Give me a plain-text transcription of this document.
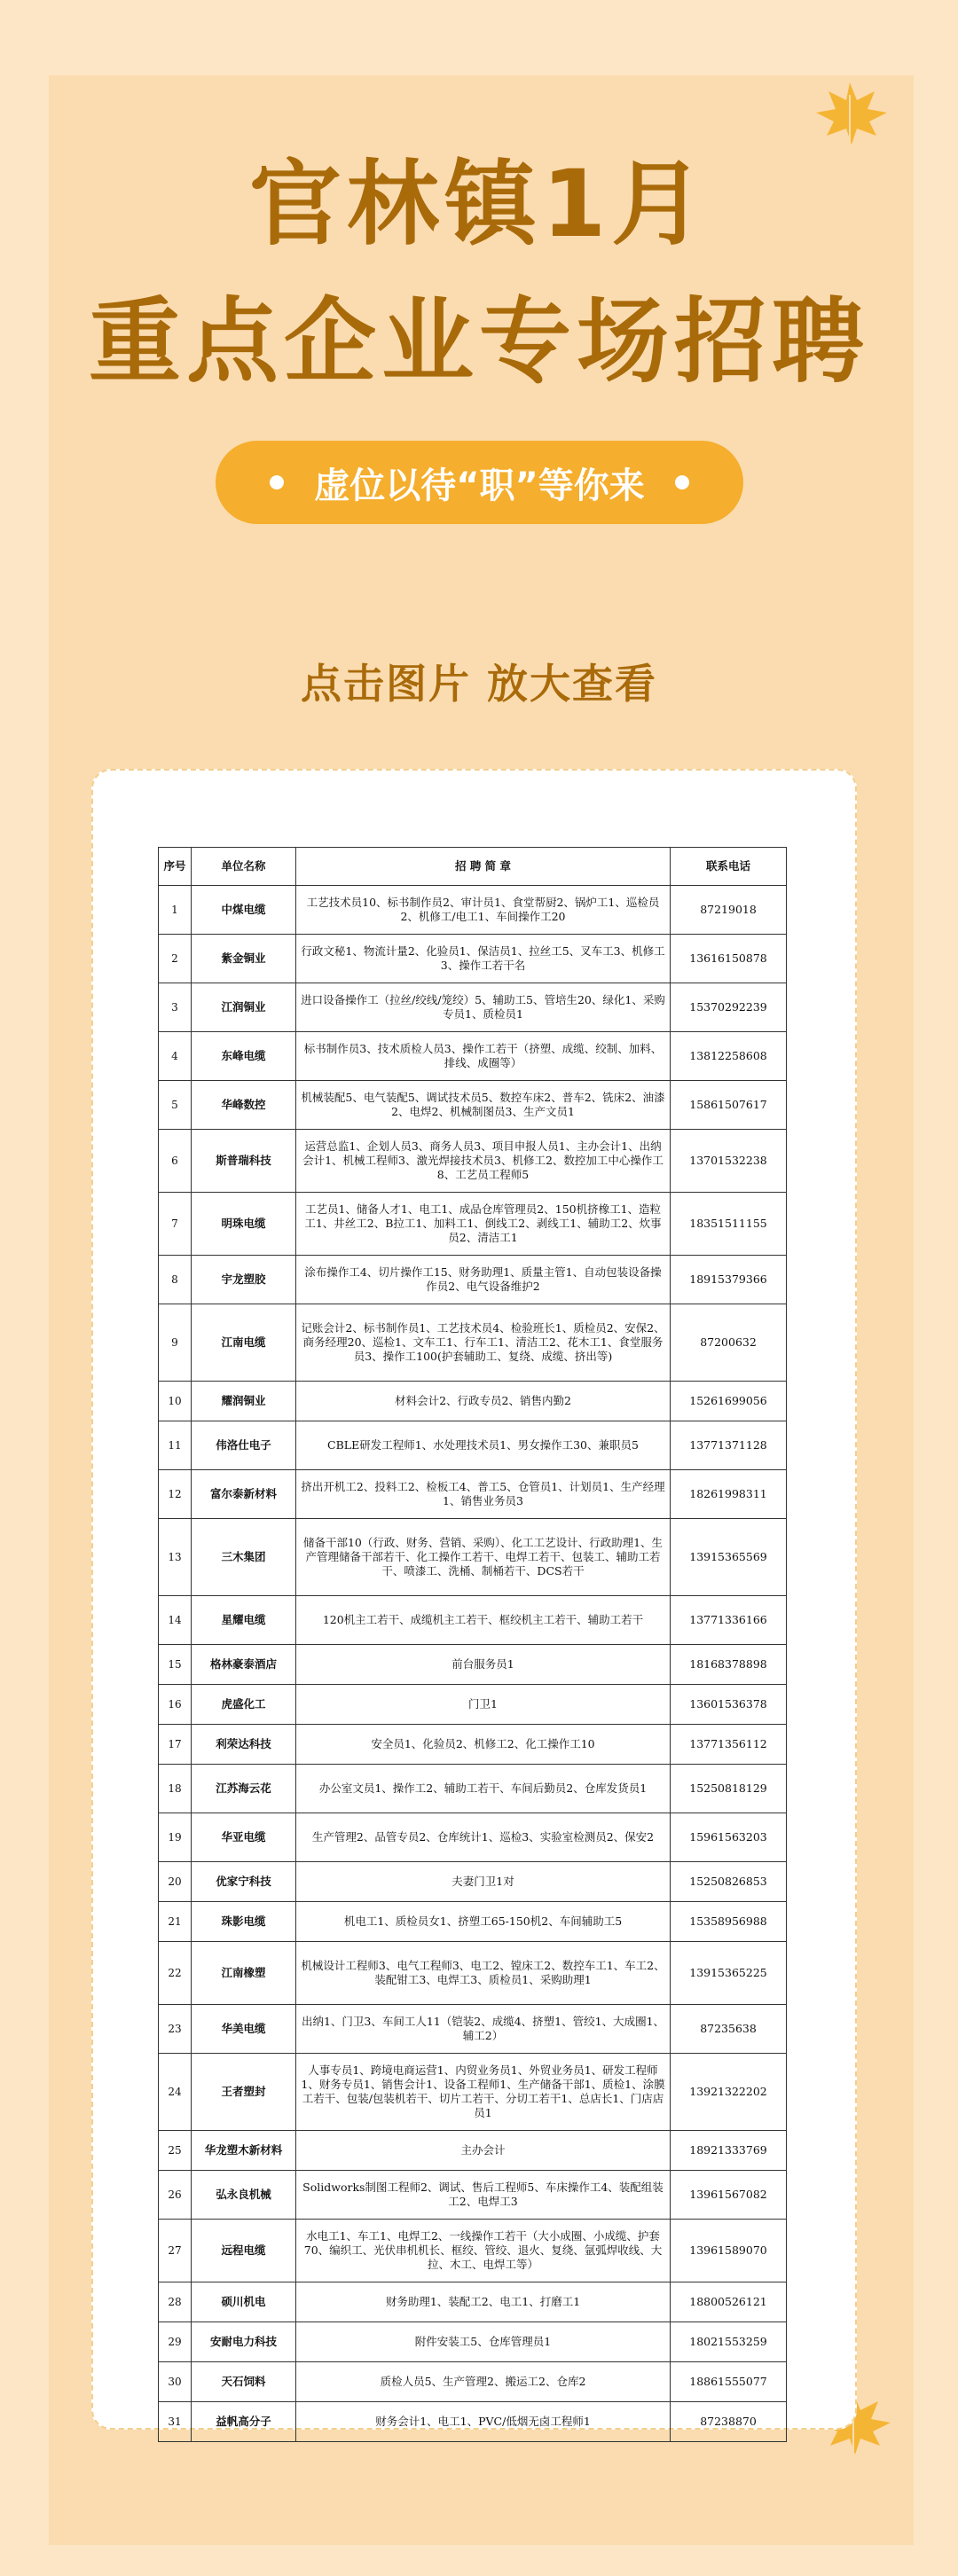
官林镇1月
重点企业专场招聘
虚位以待“职”等你来
点击图片 放大查看
序号	单位名称	招 聘 简 章	联系电话
1	中煤电缆	工艺技术员10、标书制作员2、审计员1、食堂帮厨2、锅炉工1、巡检员2、机修工/电工1、车间操作工20	87219018
2	紫金铜业	行政文秘1、物流计量2、化验员1、保洁员1、拉丝工5、叉车工3、机修工3、操作工若干名	13616150878
3	江润铜业	进口设备操作工（拉丝/绞线/笼绞）5、辅助工5、管培生20、绿化1、采购专员1、质检员1	15370292239
4	东峰电缆	标书制作员3、技术质检人员3、操作工若干（挤塑、成缆、绞制、加料、排线、成圈等）	13812258608
5	华峰数控	机械装配5、电气装配5、调试技术员5、数控车床2、普车2、铣床2、油漆2、电焊2、机械制图员3、生产文员1	15861507617
6	斯普瑞科技	运营总监1、企划人员3、商务人员3、项目申报人员1、主办会计1、出纳会计1、机械工程师3、激光焊接技术员3、机修工2、数控加工中心操作工8、工艺员工程师5	13701532238
7	明珠电缆	工艺员1、储备人才1、电工1、成品仓库管理员2、150机挤橡工1、造粒工1、井丝工2、B拉工1、加料工1、倒线工2、剥线工1、辅助工2、炊事员2、清洁工1	18351511155
8	宇龙塑胶	涂布操作工4、切片操作工15、财务助理1、质量主管1、自动包装设备操作员2、电气设备维护2	18915379366
9	江南电缆	记账会计2、标书制作员1、工艺技术员4、检验班长1、质检员2、安保2、商务经理20、巡检1、文车工1、行车工1、清洁工2、花木工1、食堂服务员3、操作工100(护套辅助工、复绕、成缆、挤出等)	87200632
10	耀润铜业	材料会计2、行政专员2、销售内勤2	15261699056
11	伟洛仕电子	CBLE研发工程师1、水处理技术员1、男女操作工30、兼职员5	13771371128
12	富尔泰新材料	挤出开机工2、投料工2、检板工4、普工5、仓管员1、计划员1、生产经理1、销售业务员3	18261998311
13	三木集团	储备干部10（行政、财务、营销、采购）、化工工艺设计、行政助理1、生产管理储备干部若干、化工操作工若干、电焊工若干、包装工、辅助工若干、喷漆工、洗桶、制桶若干、DCS若干	13915365569
14	星耀电缆	120机主工若干、成缆机主工若干、框绞机主工若干、辅助工若干	13771336166
15	格林豪泰酒店	前台服务员1	18168378898
16	虎盛化工	门卫1	13601536378
17	利荣达科技	安全员1、化验员2、机修工2、化工操作工10	13771356112
18	江苏海云花	办公室文员1、操作工2、辅助工若干、车间后勤员2、仓库发货员1	15250818129
19	华亚电缆	生产管理2、品管专员2、仓库统计1、巡检3、实验室检测员2、保安2	15961563203
20	优家宁科技	夫妻门卫1对	15250826853
21	珠影电缆	机电工1、质检员女1、挤塑工65-150机2、车间辅助工5	15358956988
22	江南橡塑	机械设计工程师3、电气工程师3、电工2、镗床工2、数控车工1、车工2、装配钳工3、电焊工3、质检员1、采购助理1	13915365225
23	华美电缆	出纳1、门卫3、车间工人11（铠装2、成缆4、挤塑1、管绞1、大成圈1、辅工2）	87235638
24	王者塑封	人事专员1、跨境电商运营1、内贸业务员1、外贸业务员1、研发工程师1、财务专员1、销售会计1、设备工程师1、生产储备干部1、质检1、涂膜工若干、包装/包装机若干、切片工若干、分切工若干1、总店长1、门店店员1	13921322202
25	华龙塑木新材料	主办会计	18921333769
26	弘永良机械	Solidworks制图工程师2、调试、售后工程师5、车床操作工4、装配组装工2、电焊工3	13961567082
27	远程电缆	水电工1、车工1、电焊工2、一线操作工若干（大小成圈、小成缆、护套70、编织工、光伏串机机长、框绞、管绞、退火、复绕、氩弧焊收线、大拉、木工、电焊工等）	13961589070
28	硕川机电	财务助理1、装配工2、电工1、打磨工1	18800526121
29	安耐电力科技	附件安装工5、仓库管理员1	18021553259
30	天石饲料	质检人员5、生产管理2、搬运工2、仓库2	18861555077
31	益帆高分子	财务会计1、电工1、PVC/低烟无卤工程师1	87238870
